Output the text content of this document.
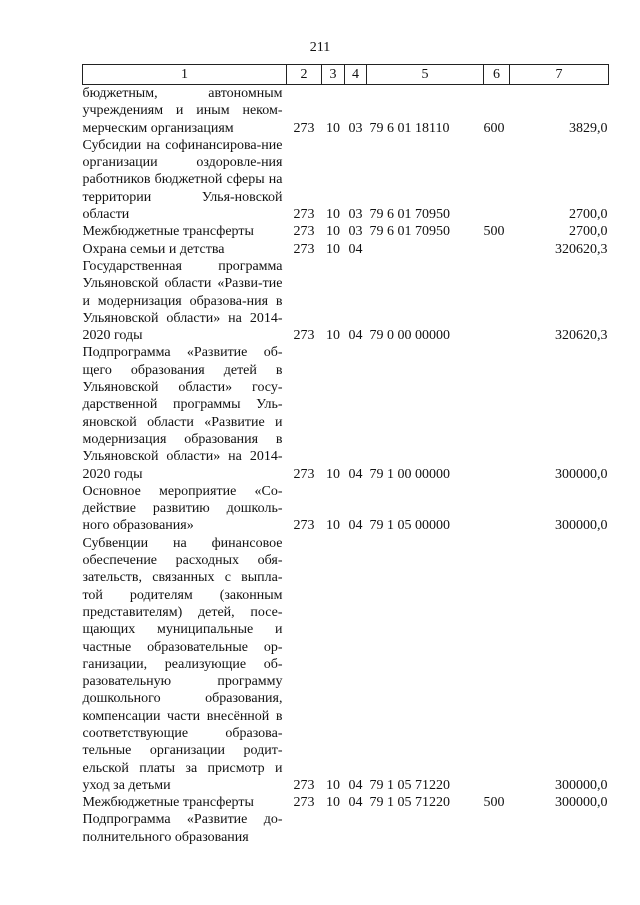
211
1	2	3	4	5	6	7
бюджетным, автономным учреждениям и иным неком-мерческим организациям	273	10	03	79 6 01 18110	600	3829,0
Субсидии на софинансирова-ние организации оздоровле-ния работников бюджетной сферы на территории Улья-новской области	273	10	03	79 6 01 70950		2700,0
Межбюджетные трансферты	273	10	03	79 6 01 70950	500	2700,0
Охрана семьи и детства	273	10	04			320620,3
Государственная программа Ульяновской области «Разви-тие и модернизация образова-ния в Ульяновской области» на 2014-2020 годы	273	10	04	79 0 00 00000		320620,3
Подпрограмма «Развитие об-щего образования детей в Ульяновской области» госу-дарственной программы Уль-яновской области «Развитие и модернизация образования в Ульяновской области» на 2014-2020 годы	273	10	04	79 1 00 00000		300000,0
Основное мероприятие «Со-действие развитию дошколь-ного образования»	273	10	04	79 1 05 00000		300000,0
Субвенции на финансовое обеспечение расходных обя-зательств, связанных с выпла-той родителям (законным представителям) детей, посе-щающих муниципальные и частные образовательные ор-ганизации, реализующие об-разовательную программу дошкольного образования, компенсации части внесённой в соответствующие образова-тельные организации родит-ельской платы за присмотр и уход за детьми	273	10	04	79 1 05 71220		300000,0
Межбюджетные трансферты	273	10	04	79 1 05 71220	500	300000,0
Подпрограмма «Развитие до-полнительного образования						
